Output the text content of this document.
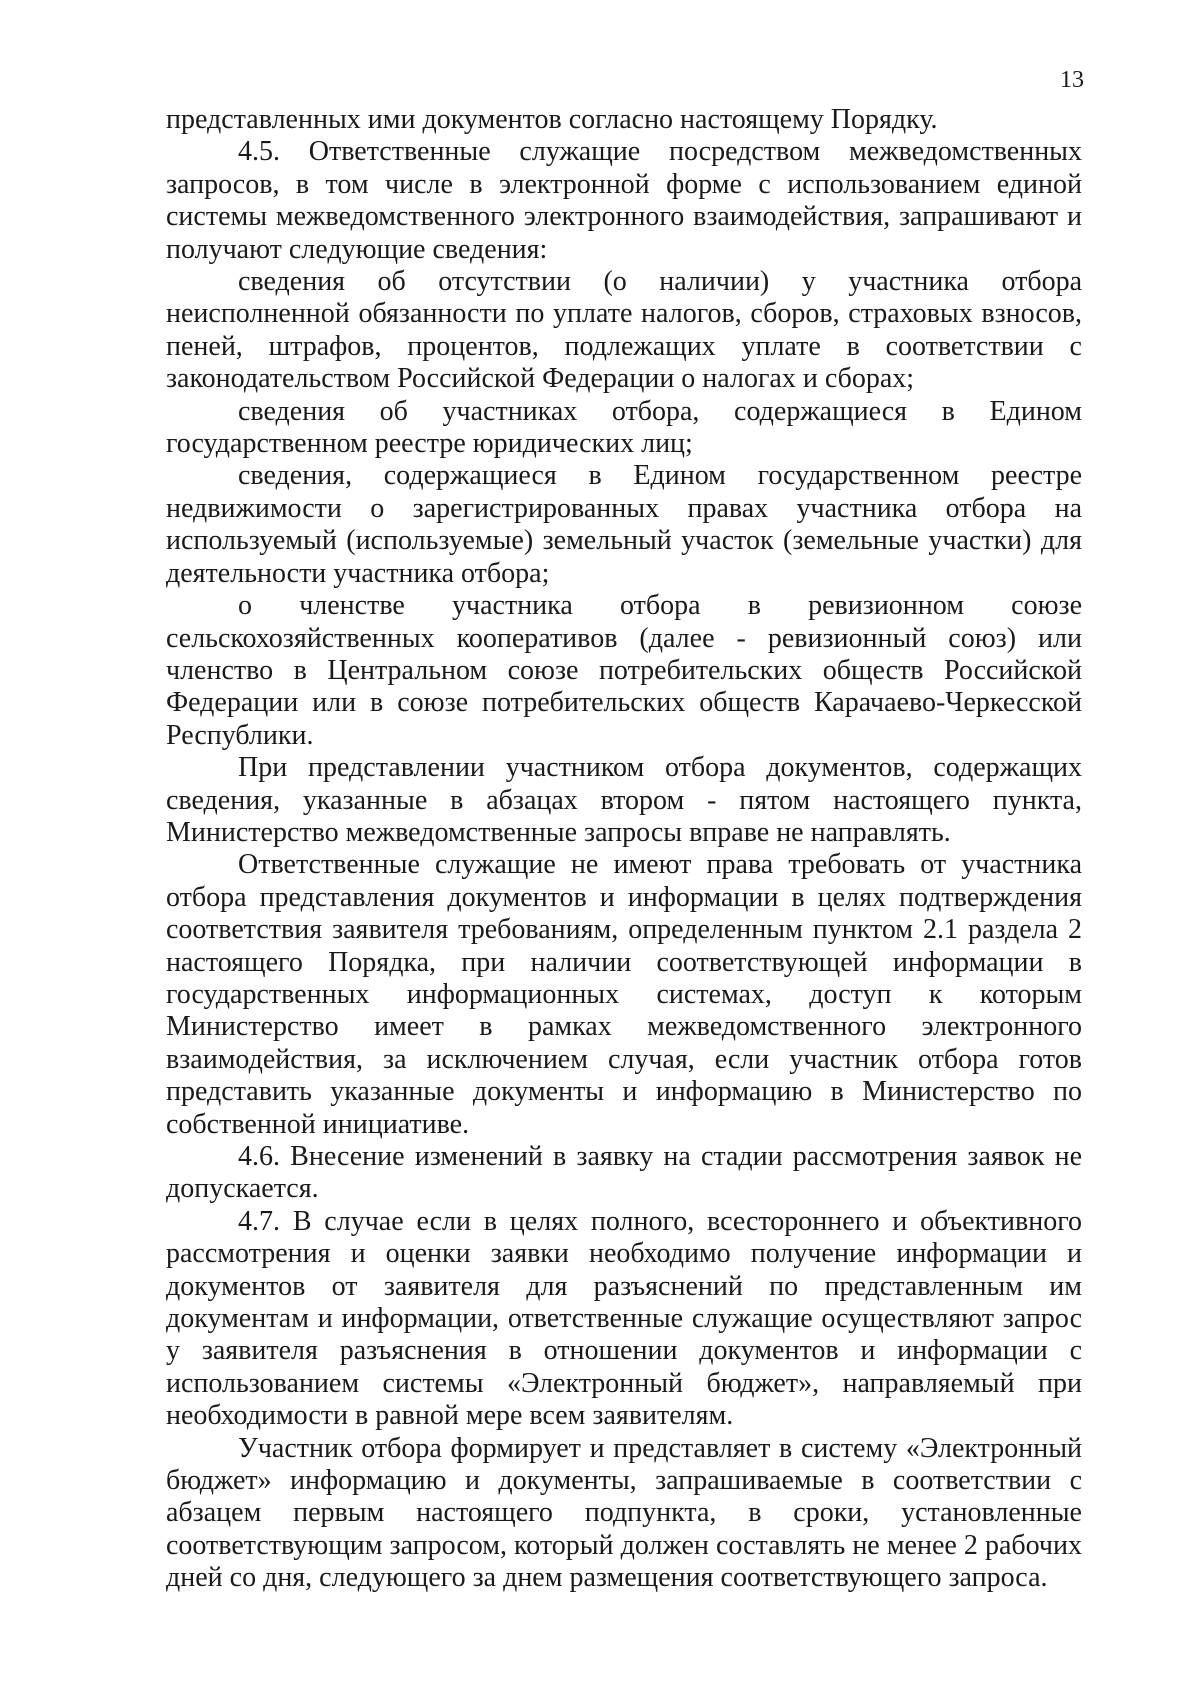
13

представленных ими документов согласно настоящему Порядку.

4.5. Ответственные служащие посредством межведомственных запросов, в том числе в электронной форме с использованием единой системы межведомственного электронного взаимодействия, запрашивают и получают следующие сведения:

сведения об отсутствии (о наличии) у участника отбора неисполненной обязанности по уплате налогов, сборов, страховых взносов, пеней, штрафов, процентов, подлежащих уплате в соответствии с законодательством Российской Федерации о налогах и сборах;

сведения об участниках отбора, содержащиеся в Едином государственном реестре юридических лиц;

сведения, содержащиеся в Едином государственном реестре недвижимости о зарегистрированных правах участника отбора на используемый (используемые) земельный участок (земельные участки) для деятельности участника отбора;

о членстве участника отбора в ревизионном союзе сельскохозяйственных кооперативов (далее - ревизионный союз) или членство в Центральном союзе потребительских обществ Российской Федерации или в союзе потребительских обществ Карачаево-Черкесской Республики.

При представлении участником отбора документов, содержащих сведения, указанные в абзацах втором - пятом настоящего пункта, Министерство межведомственные запросы вправе не направлять.

Ответственные служащие не имеют права требовать от участника отбора представления документов и информации в целях подтверждения соответствия заявителя требованиям, определенным пунктом 2.1 раздела 2 настоящего Порядка, при наличии соответствующей информации в государственных информационных системах, доступ к которым Министерство имеет в рамках межведомственного электронного взаимодействия, за исключением случая, если участник отбора готов представить указанные документы и информацию в Министерство по собственной инициативе.

4.6. Внесение изменений в заявку на стадии рассмотрения заявок не допускается.

4.7. В случае если в целях полного, всестороннего и объективного рассмотрения и оценки заявки необходимо получение информации и документов от заявителя для разъяснений по представленным им документам и информации, ответственные служащие осуществляют запрос у заявителя разъяснения в отношении документов и информации с использованием системы «Электронный бюджет», направляемый при необходимости в равной мере всем заявителям.

Участник отбора формирует и представляет в систему «Электронный бюджет» информацию и документы, запрашиваемые в соответствии с абзацем первым настоящего подпункта, в сроки, установленные соответствующим запросом, который должен составлять не менее 2 рабочих дней со дня, следующего за днем размещения соответствующего запроса.
